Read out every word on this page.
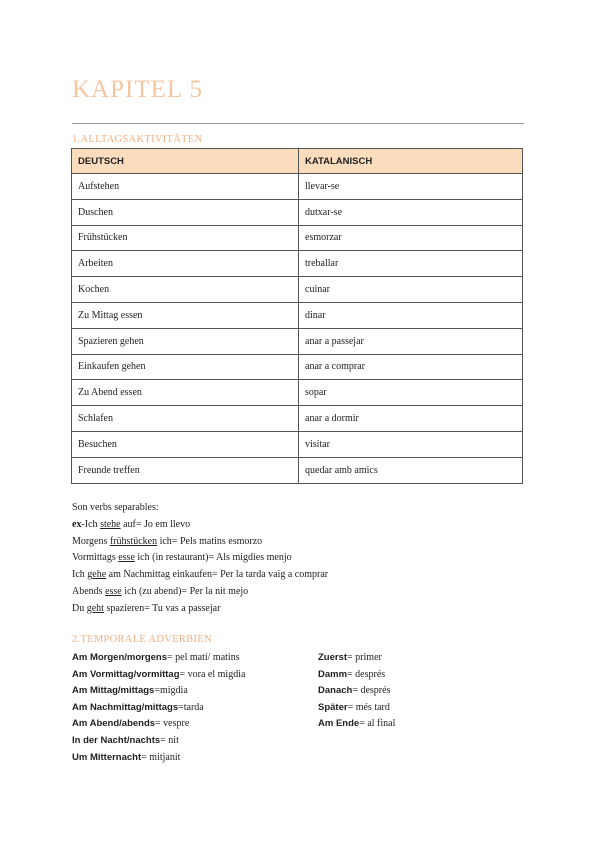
KAPITEL 5
1.ALLTAGSAKTIVITÄTEN
DEUTSCH	KATALANISCH
Aufstehen	llevar-se
Duschen	dutxar-se
Frühstücken	esmorzar
Arbeiten	treballar
Kochen	cuinar
Zu Mittag essen	dinar
Spazieren gehen	anar a passejar
Einkaufen gehen	anar a comprar
Zu Abend essen	sopar
Schlafen	anar a dormir
Besuchen	visitar
Freunde treffen	quedar amb amics

Son verbs separables:

ex-Ich stehe auf= Jo em llevo

Morgens frühstücken ich= Pels matins esmorzo

Vormittags esse ich (in restaurant)= Als migdies menjo

Ich gehe am Nachmittag einkaufen= Per la tarda vaig a comprar

Abends esse ich (zu abend)= Per la nit mejo

Du geht spazieren= Tu vas a passejar

2.TEMPORALE ADVERBIEN

Am Morgen/morgens= pel matí/ matins

Am Vormittag/vormittag= vora el migdia

Am Mittag/mittags=migdia

Am Nachmittag/mittags=tarda

Am Abend/abends= vespre

In der Nacht/nachts= nit

Um Mitternacht= mitjanit

Zuerst= primer

Damm= després

Danach= després

Später= més tard

Am Ende= al final
